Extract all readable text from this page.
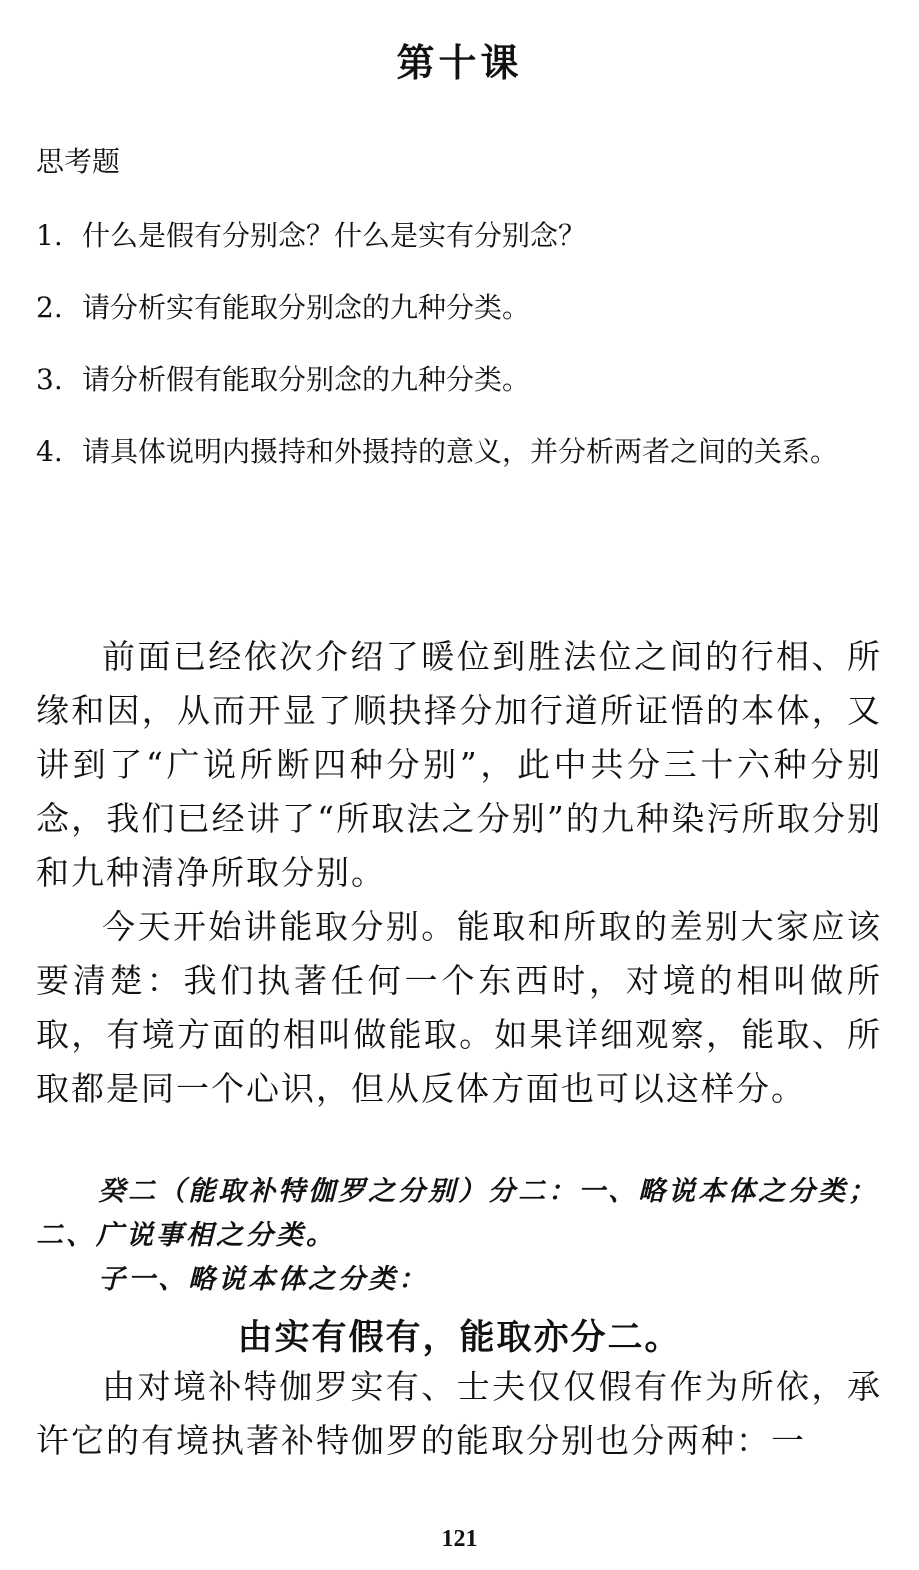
第十课
思考题
1. 什么是假有分别念？什么是实有分别念？
2. 请分析实有能取分别念的九种分类。
3. 请分析假有能取分别念的九种分类。
4. 请具体说明内摄持和外摄持的意义，并分析两者之间的关系。

前面已经依次介绍了暖位到胜法位之间的行相、所缘和因，从而开显了顺抉择分加行道所证悟的本体，又讲到了“广说所断四种分别”，此中共分三十六种分别念，我们已经讲了“所取法之分别”的九种染污所取分别和九种清净所取分别。

今天开始讲能取分别。能取和所取的差别大家应该要清楚：我们执著任何一个东西时，对境的相叫做所取，有境方面的相叫做能取。如果详细观察，能取、所取都是同一个心识，但从反体方面也可以这样分。

癸二（能取补特伽罗之分别）分二：一、略说本体之分类；二、广说事相之分类。

子一、略说本体之分类：

由实有假有，能取亦分二。

由对境补特伽罗实有、士夫仅仅假有作为所依，承许它的有境执著补特伽罗的能取分别也分两种：一

121
